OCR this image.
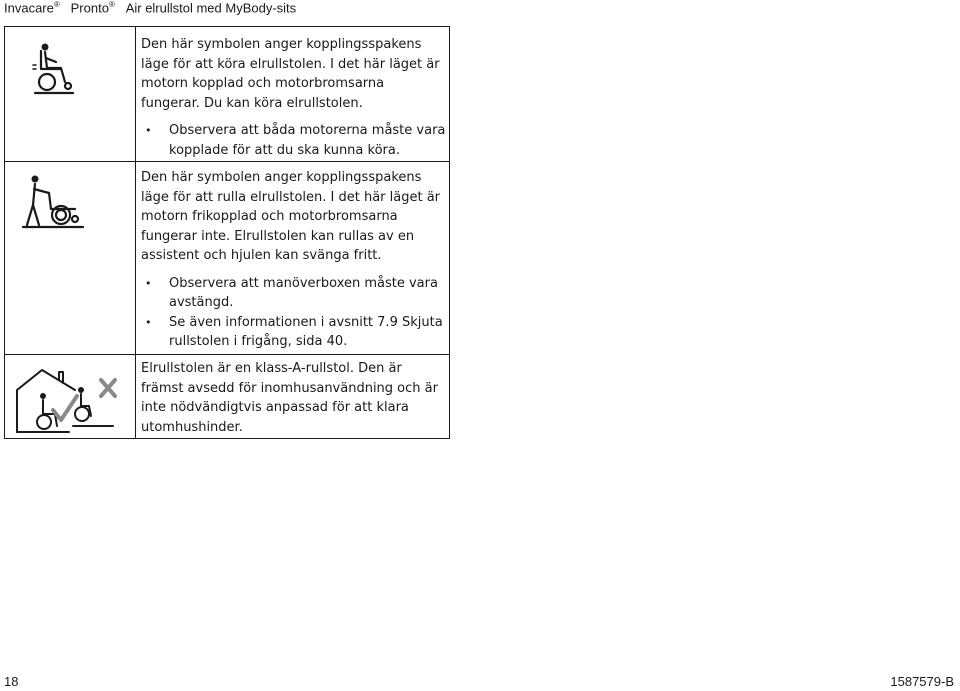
Invacare® Pronto® Air elrullstol med MyBody-sits

Den här symbolen anger kopplingsspakens läge för att köra elrullstolen. I det här läget är motorn kopplad och motorbromsarna fungerar. Du kan köra elrullstolen.

• Observera att båda motorerna måste vara kopplade för att du ska kunna köra.

Den här symbolen anger kopplingsspakens läge för att rulla elrullstolen. I det här läget är motorn frikopplad och motorbromsarna fungerar inte. Elrullstolen kan rullas av en assistent och hjulen kan svänga fritt.

• Observera att manöverboxen måste vara avstängd.
• Se även informationen i avsnitt 7.9 Skjuta rullstolen i frigång, sida 40.

Elrullstolen är en klass-A-rullstol. Den är främst avsedd för inomhusanvändning och är inte nödvändigtvis anpassad för att klara utomhushinder.

18	1587579-B
